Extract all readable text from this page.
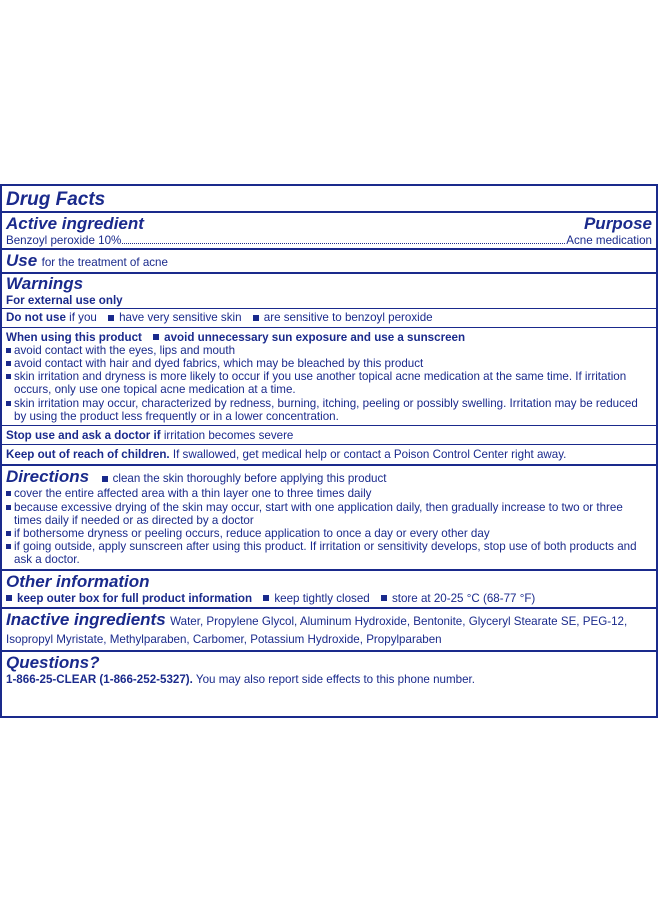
Drug Facts
Active ingredient	Purpose
Benzoyl peroxide 10%	Acne medication
Use for the treatment of acne
Warnings
For external use only
Do not use if you have very sensitive skin are sensitive to benzoyl peroxide
When using this product avoid unnecessary sun exposure and use a sunscreen
avoid contact with the eyes, lips and mouth
avoid contact with hair and dyed fabrics, which may be bleached by this product
skin irritation and dryness is more likely to occur if you use another topical acne medication at the same time. If irritation occurs, only use one topical acne medication at a time.
skin irritation may occur, characterized by redness, burning, itching, peeling or possibly swelling. Irritation may be reduced by using the product less frequently or in a lower concentration.
Stop use and ask a doctor if irritation becomes severe
Keep out of reach of children. If swallowed, get medical help or contact a Poison Control Center right away.
Directions clean the skin thoroughly before applying this product
cover the entire affected area with a thin layer one to three times daily
because excessive drying of the skin may occur, start with one application daily, then gradually increase to two or three times daily if needed or as directed by a doctor
if bothersome dryness or peeling occurs, reduce application to once a day or every other day
if going outside, apply sunscreen after using this product. If irritation or sensitivity develops, stop use of both products and ask a doctor.
Other information
keep outer box for full product information keep tightly closed store at 20-25 °C (68-77 °F)
Inactive ingredients Water, Propylene Glycol, Aluminum Hydroxide, Bentonite, Glyceryl Stearate SE, PEG-12, Isopropyl Myristate, Methylparaben, Carbomer, Potassium Hydroxide, Propylparaben
Questions?
1-866-25-CLEAR (1-866-252-5327). You may also report side effects to this phone number.
